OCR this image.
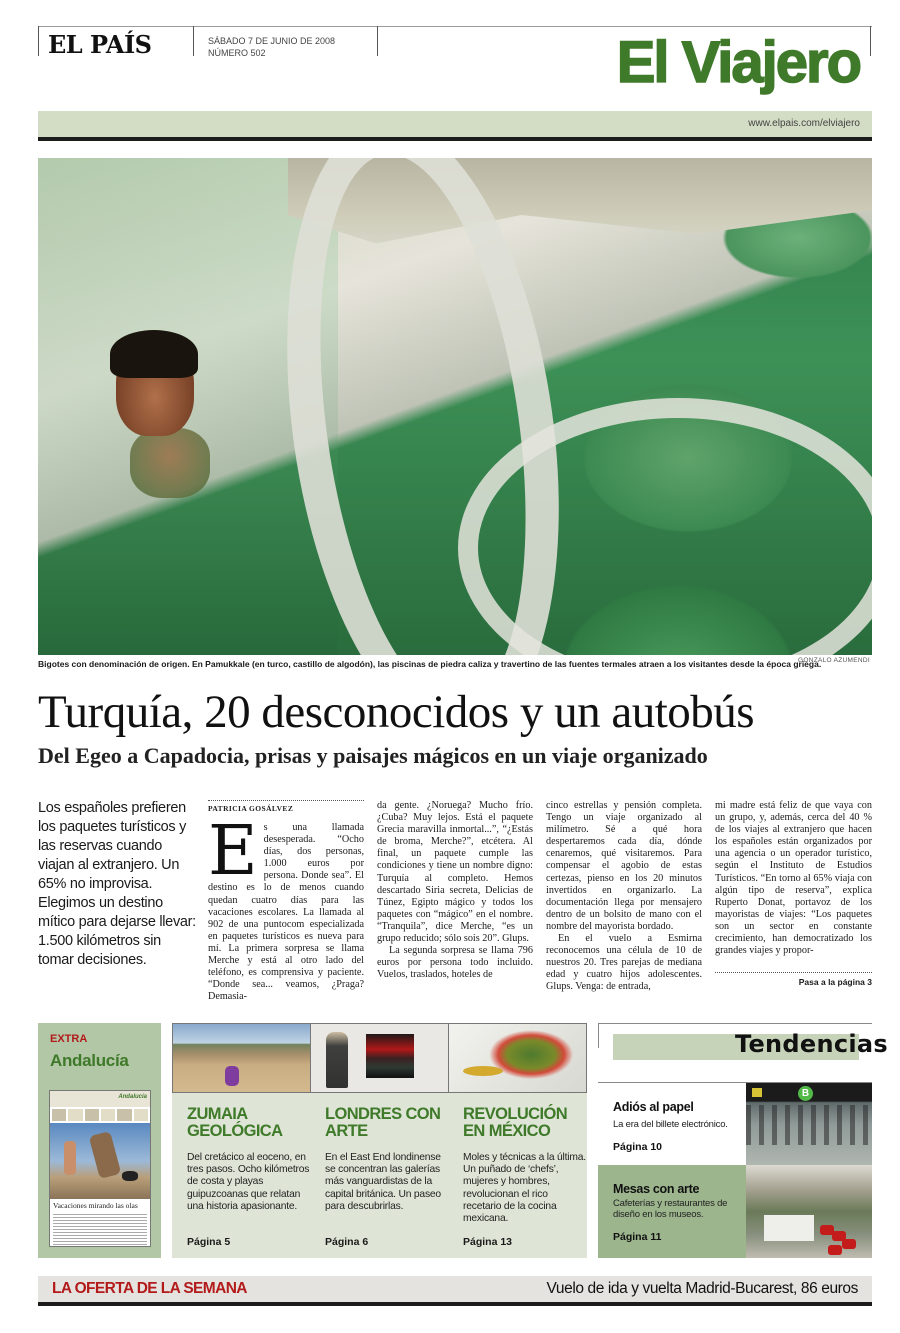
EL PAÍS	SÁBADO 7 DE JUNIO DE 2008
NÚMERO 502	El Viajero
www.elpais.com/elviajero
Bigotes con denominación de origen. En Pamukkale (en turco, castillo de algodón), las piscinas de piedra caliza y travertino de las fuentes termales atraen a los visitantes desde la época griega.
GONZALO AZUMENDI
Turquía, 20 desconocidos y un autobús
Del Egeo a Capadocia, prisas y paisajes mágicos en un viaje organizado
Los españoles prefieren los paquetes turísticos y las reservas cuando viajan al extranjero. Un 65% no improvisa. Elegimos un destino mítico para dejarse llevar: 1.500 kilómetros sin tomar decisiones.
PATRICIA GOSÁLVEZ
E s una llamada desesperada. “Ocho días, dos personas, 1.000 euros por persona. Donde sea”. El destino es lo de menos cuando quedan cuatro días para las vacaciones escolares. La llamada al 902 de una puntocom especializada en paquetes turísticos es nueva para mí. La primera sorpresa se llama Merche y está al otro lado del teléfono, es comprensiva y paciente. “Donde sea... veamos, ¿Praga? Demasia-

da gente. ¿Noruega? Mucho frío. ¿Cuba? Muy lejos. Está el paquete Grecia maravilla inmortal...”, “¿Estás de broma, Merche?”, etcétera. Al final, un paquete cumple las condiciones y tiene un nombre digno: Turquía al completo. Hemos descartado Siria secreta, Delicias de Túnez, Egipto mágico y todos los paquetes con “mágico” en el nombre. “Tranquila”, dice Merche, “es un grupo reducido; sólo sois 20”. Glups.

La segunda sorpresa se llama 796 euros por persona todo incluido. Vuelos, traslados, hoteles de

cinco estrellas y pensión completa. Tengo un viaje organizado al milímetro. Sé a qué hora despertaremos cada día, dónde cenaremos, qué visitaremos. Para compensar el agobio de estas certezas, pienso en los 20 minutos invertidos en organizarlo. La documentación llega por mensajero dentro de un bolsito de mano con el nombre del mayorista bordado.

En el vuelo a Esmirna reconocemos una célula de 10 de nuestros 20. Tres parejas de mediana edad y cuatro hijos adolescentes. Glups. Venga: de entrada,

mi madre está feliz de que vaya con un grupo, y, además, cerca del 40 % de los viajes al extranjero que hacen los españoles están organizados por una agencia o un operador turístico, según el Instituto de Estudios Turísticos. “En torno al 65% viaja con algún tipo de reserva”, explica Ruperto Donat, portavoz de los mayoristas de viajes: “Los paquetes son un sector en constante crecimiento, han democratizado los grandes viajes y propor-

Pasa a la página 3
EXTRA
Andalucía
Andalucía
Vacaciones mirando las olas
ZUMAIA GEOLÓGICA
Del cretácico al eoceno, en tres pasos. Ocho kilómetros de costa y playas guipuzcoanas que relatan una historia apasionante.
LONDRES CON ARTE
En el East End londinense se concentran las galerías más vanguardistas de la capital británica. Un paseo para descubrirlas.
REVOLUCIÓN EN MÉXICO
Moles y técnicas a la última. Un puñado de ‘chefs’, mujeres y hombres, revolucionan el rico recetario de la cocina mexicana.
Página 5	Página 6	Página 13
Tendencias
Adiós al papel
La era del billete electrónico.
Página 10
B
Mesas con arte
Cafeterías y restaurantes de diseño en los museos.
Página 11
LA OFERTA DE LA SEMANA	Vuelo de ida y vuelta Madrid-Bucarest, 86 euros
